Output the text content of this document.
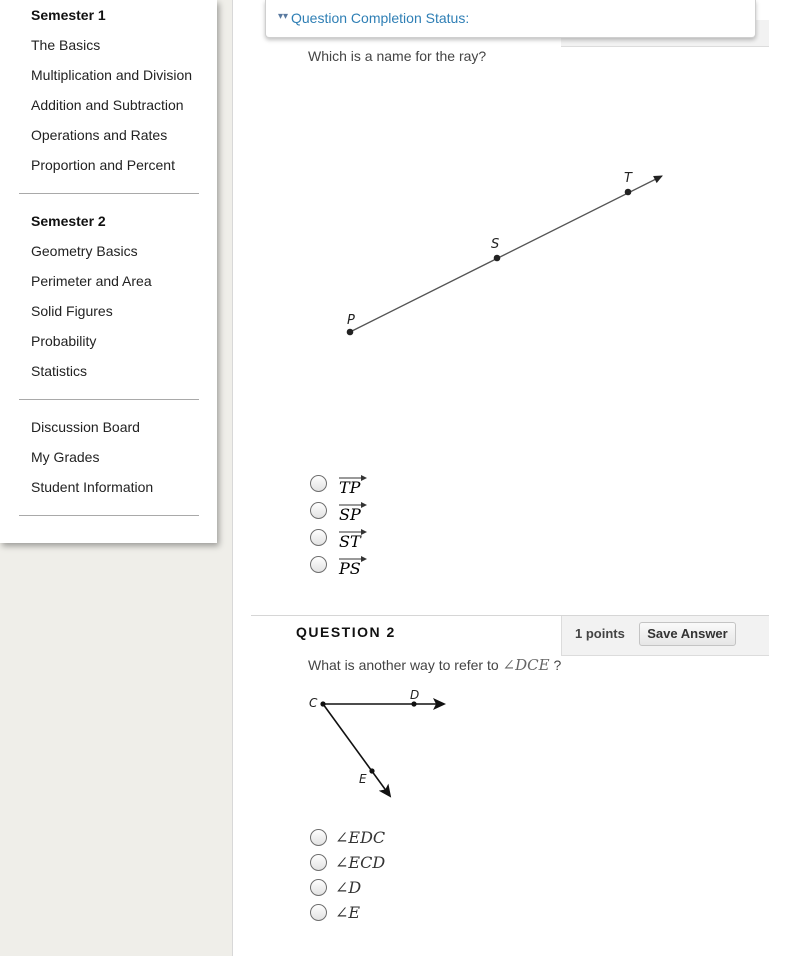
Semester 1
The Basics
Multiplication and Division
Addition and Subtraction
Operations and Rates
Proportion and Percent
Semester 2
Geometry Basics
Perimeter and Area
Solid Figures
Probability
Statistics
Discussion Board
My Grades
Student Information
▾▾ Question Completion Status:
Which is a name for the ray?
P
S
T
TP
SP
ST
PS
QUESTION 2	1 points	Save Answer
What is another way to refer to ∠DCE ?
C
D
E
∠EDC
∠ECD
∠D
∠E
